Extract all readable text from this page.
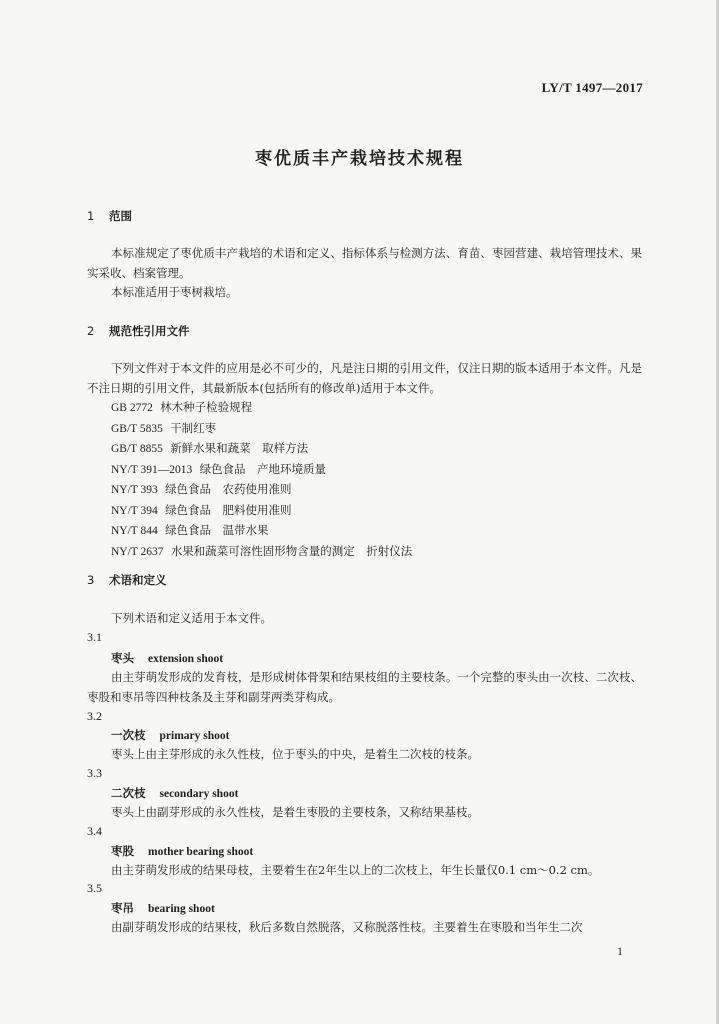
LY/T 1497—2017
枣优质丰产栽培技术规程
1 范围
本标准规定了枣优质丰产栽培的术语和定义、指标体系与检测方法、育苗、枣园营建、栽培管理技术、果实采收、档案管理。
本标准适用于枣树栽培。
2 规范性引用文件
下列文件对于本文件的应用是必不可少的，凡是注日期的引用文件，仅注日期的版本适用于本文件。凡是不注日期的引用文件，其最新版本(包括所有的修改单)适用于本文件。
GB 2772 林木种子检验规程
GB/T 5835 干制红枣
GB/T 8855 新鲜水果和蔬菜　取样方法
NY/T 391—2013 绿色食品　产地环境质量
NY/T 393 绿色食品　农药使用准则
NY/T 394 绿色食品　肥料使用准则
NY/T 844 绿色食品　温带水果
NY/T 2637 水果和蔬菜可溶性固形物含量的测定　折射仪法
3 术语和定义
下列术语和定义适用于本文件。
3.1
枣头 extension shoot
由主芽萌发形成的发育枝，是形成树体骨架和结果枝组的主要枝条。一个完整的枣头由一次枝、二次枝、枣股和枣吊等四种枝条及主芽和副芽两类芽构成。
3.2
一次枝 primary shoot
枣头上由主芽形成的永久性枝，位于枣头的中央，是着生二次枝的枝条。
3.3
二次枝 secondary shoot
枣头上由副芽形成的永久性枝，是着生枣股的主要枝条，又称结果基枝。
3.4
枣股 mother bearing shoot
由主芽萌发形成的结果母枝，主要着生在2年生以上的二次枝上，年生长量仅0.1 cm～0.2 cm。
3.5
枣吊 bearing shoot
由副芽萌发形成的结果枝，秋后多数自然脱落，又称脱落性枝。主要着生在枣股和当年生二次
1
